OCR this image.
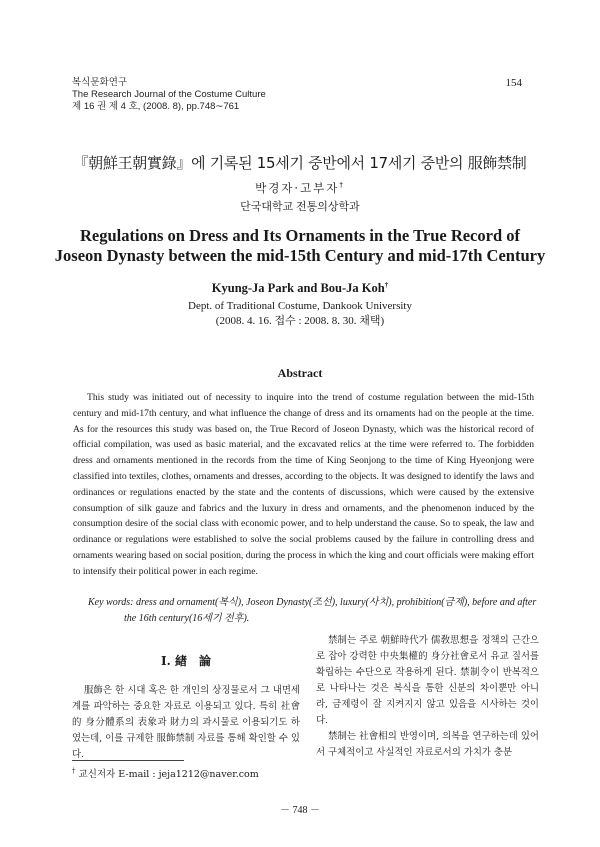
복식문화연구
The Research Journal of the Costume Culture
제 16 권 제 4 호, (2008. 8), pp.748∼761
154
『朝鮮王朝實錄』에 기록된 15세기 중반에서 17세기 중반의 服飾禁制
박경자·고부자†
단국대학교 전통의상학과
Regulations on Dress and Its Ornaments in the True Record of
Joseon Dynasty between the mid-15th Century and mid-17th Century
Kyung-Ja Park and Bou-Ja Koh†
Dept. of Traditional Costume, Dankook University
(2008. 4. 16. 접수 : 2008. 8. 30. 채택)
Abstract

This study was initiated out of necessity to inquire into the trend of costume regulation between the mid-15th century and mid-17th century, and what influence the change of dress and its ornaments had on the people at the time. As for the resources this study was based on, the True Record of Joseon Dynasty, which was the historical record of official compilation, was used as basic material, and the excavated relics at the time were referred to. The forbidden dress and ornaments mentioned in the records from the time of King Seonjong to the time of King Hyeonjong were classified into textiles, clothes, ornaments and dresses, according to the objects. It was designed to identify the laws and ordinances or regulations enacted by the state and the contents of discussions, which were caused by the extensive consumption of silk gauze and fabrics and the luxury in dress and ornaments, and the phenomenon induced by the consumption desire of the social class with economic power, and to help understand the cause. So to speak, the law and ordinance or regulations were established to solve the social problems caused by the failure in controlling dress and ornaments wearing based on social position, during the process in which the king and court officials were making effort to intensify their political power in each regime.

Key words: dress and ornament(복식), Joseon Dynasty(조선), luxury(사치), prohibition(금제), before and after
the 16th century(16세기 전후).
Ⅰ. 緖　論
服飾은 한 시대 혹은 한 개인의 상징물로서 그 내면세계를 파악하는 중요한 자료로 이용되고 있다. 특히 社會的 身分體系의 表象과 財力의 과시물로 이용되기도 하였는데, 이를 규제한 服飾禁制 자료를 통해 확인할 수 있다.

禁制는 주로 朝鮮時代가 儒敎思想을 정책의 근간으로 잡아 강력한 中央集權的 身分社會로서 유교 질서를 확립하는 수단으로 작용하게 된다. 禁制令이 반복적으로 나타나는 것은 복식을 통한 신분의 차이뿐만 아니라, 금제령이 잘 지켜지지 않고 있음을 시사하는 것이다.

禁制는 社會相의 반영이며, 의복을 연구하는데 있어서 구체적이고 사실적인 자료로서의 가치가 충분

† 교신저자 E-mail : jeja1212@naver.com
－ 748 －
